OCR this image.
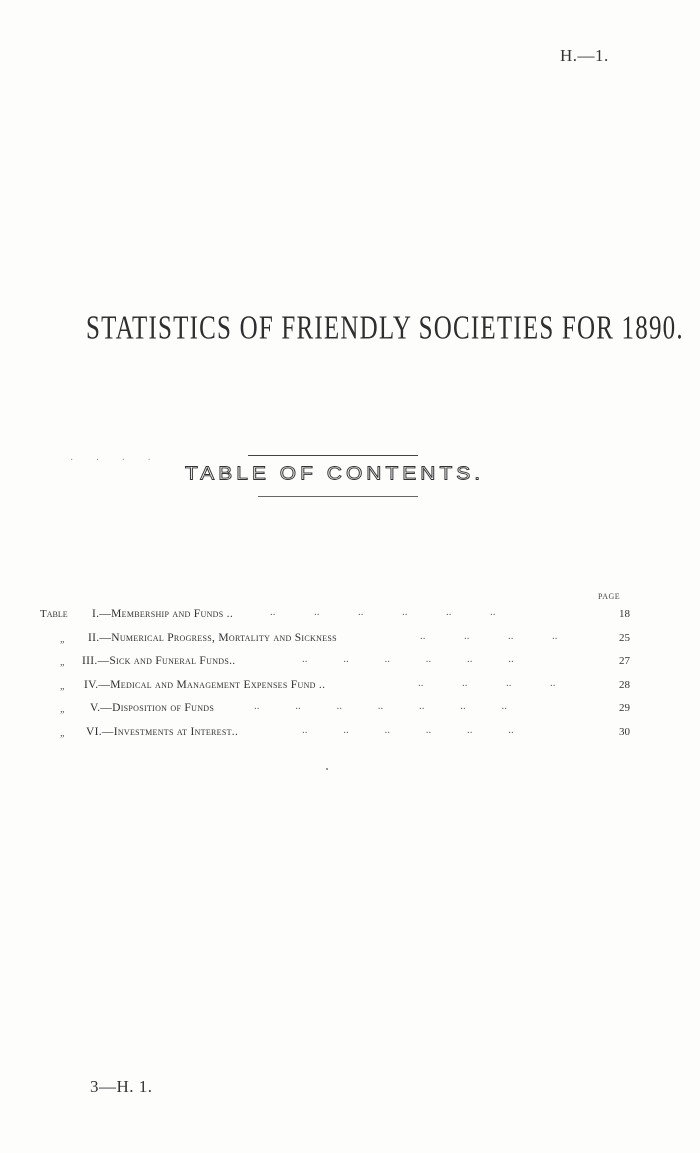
H.—1.
STATISTICS OF FRIENDLY SOCIETIES FOR 1890.
· · · ·
TABLE OF CONTENTS.
PAGE
Table	I.—Membership and Funds ..	..              ..              ..              ..              ..              ..	18
„ II.—Numerical Progress, Mortality and Sickness	..              ..              ..              ..	25
„ III.—Sick and Funeral Funds..	..             ..             ..             ..             ..             ..	27
„ IV.—Medical and Management Expenses Fund ..	..              ..              ..              ..	28
„ V.—Disposition of Funds	..             ..             ..             ..             ..             ..             ..	29
„ VI.—Investments at Interest..	..             ..             ..             ..             ..             ..	30
3—H. 1.
